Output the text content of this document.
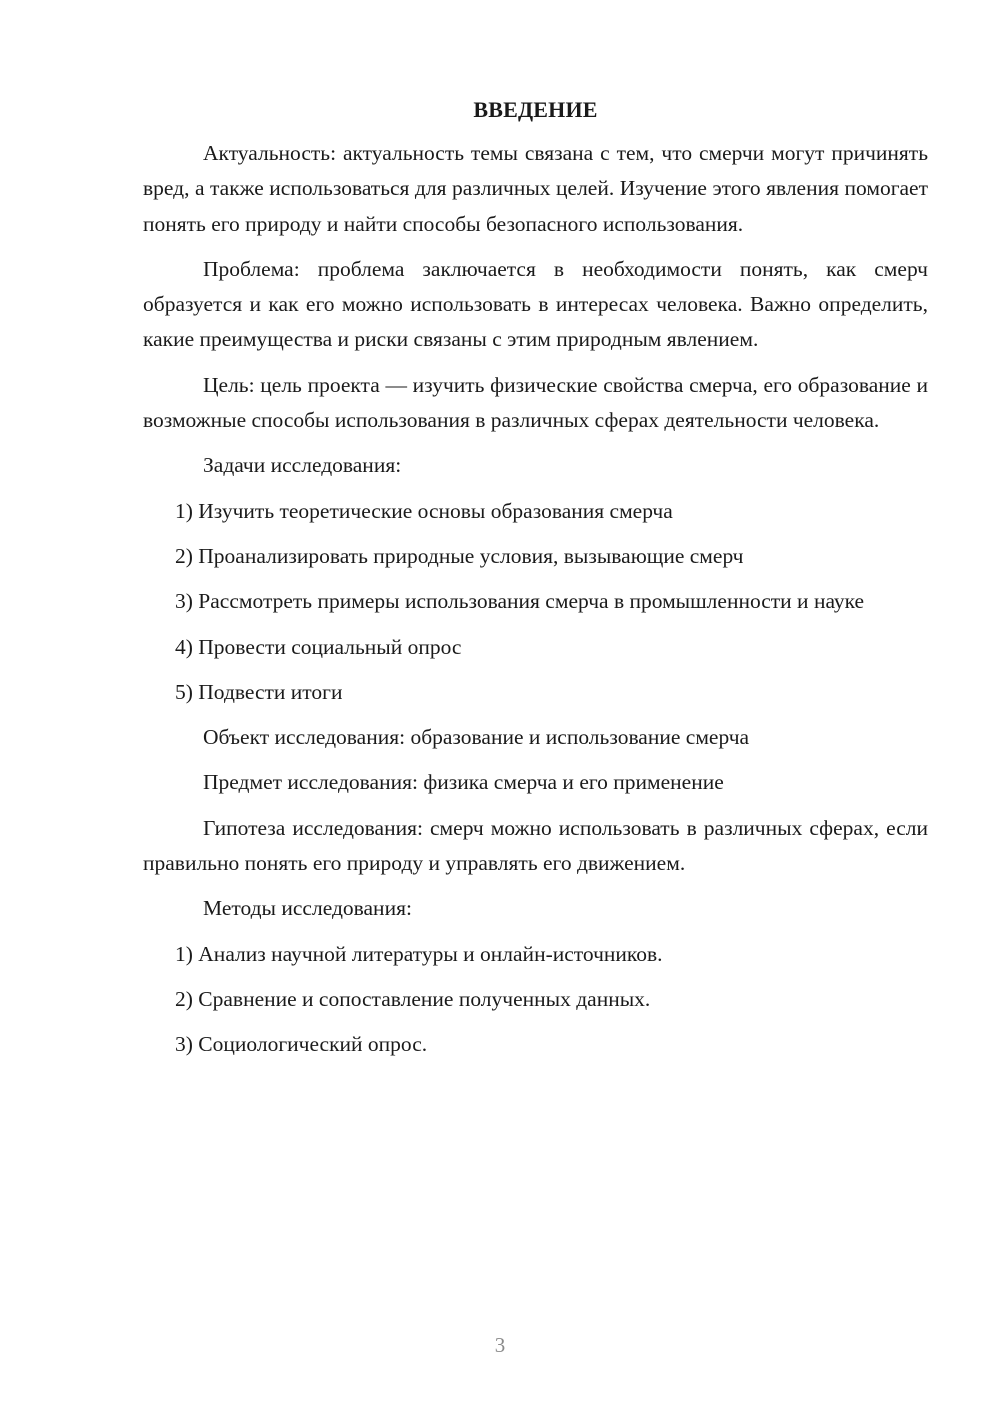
ВВЕДЕНИЕ

Актуальность: актуальность темы связана с тем, что смерчи могут причинять вред, а также использоваться для различных целей. Изучение этого явления помогает понять его природу и найти способы безопасного использования.

Проблема: проблема заключается в необходимости понять, как смерч образуется и как его можно использовать в интересах человека. Важно определить, какие преимущества и риски связаны с этим природным явлением.

Цель: цель проекта — изучить физические свойства смерча, его образование и возможные способы использования в различных сферах деятельности человека.

Задачи исследования:

1) Изучить теоретические основы образования смерча

2) Проанализировать природные условия, вызывающие смерч

3) Рассмотреть примеры использования смерча в промышленности и науке

4) Провести социальный опрос

5) Подвести итоги

Объект исследования: образование и использование смерча

Предмет исследования: физика смерча и его применение

Гипотеза исследования: смерч можно использовать в различных сферах, если правильно понять его природу и управлять его движением.

Методы исследования:

1) Анализ научной литературы и онлайн-источников.

2) Сравнение и сопоставление полученных данных.

3) Социологический опрос.

3
